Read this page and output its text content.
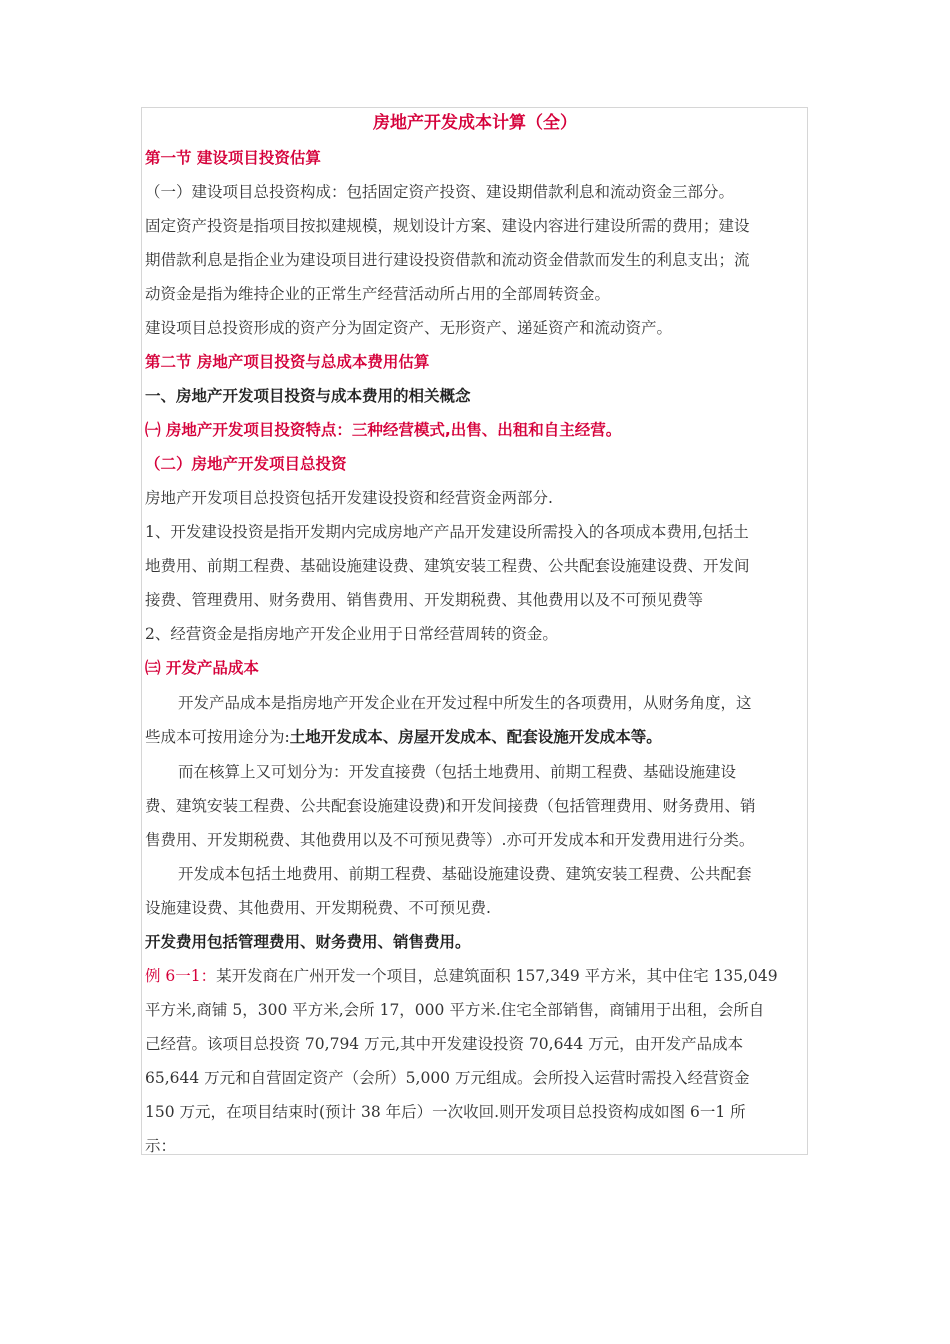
房地产开发成本计算（全）
第一节 建设项目投资估算
（一）建设项目总投资构成：包括固定资产投资、建设期借款利息和流动资金三部分。
固定资产投资是指项目按拟建规模，规划设计方案、建设内容进行建设所需的费用；建设
期借款利息是指企业为建设项目进行建设投资借款和流动资金借款而发生的利息支出；流
动资金是指为维持企业的正常生产经营活动所占用的全部周转资金。
建设项目总投资形成的资产分为固定资产、无形资产、递延资产和流动资产。
第二节 房地产项目投资与总成本费用估算
一、房地产开发项目投资与成本费用的相关概念
㈠ 房地产开发项目投资特点：三种经营模式,出售、出租和自主经营。
（二）房地产开发项目总投资
房地产开发项目总投资包括开发建设投资和经营资金两部分.
1、开发建设投资是指开发期内完成房地产产品开发建设所需投入的各项成本费用,包括土
地费用、前期工程费、基础设施建设费、建筑安装工程费、公共配套设施建设费、开发间
接费、管理费用、财务费用、销售费用、开发期税费、其他费用以及不可预见费等
2、经营资金是指房地产开发企业用于日常经营周转的资金。
㈢ 开发产品成本
开发产品成本是指房地产开发企业在开发过程中所发生的各项费用，从财务角度，这
些成本可按用途分为:土地开发成本、房屋开发成本、配套设施开发成本等。
而在核算上又可划分为：开发直接费（包括土地费用、前期工程费、基础设施建设
费、建筑安装工程费、公共配套设施建设费)和开发间接费（包括管理费用、财务费用、销
售费用、开发期税费、其他费用以及不可预见费等）.亦可开发成本和开发费用进行分类。
开发成本包括土地费用、前期工程费、基础设施建设费、建筑安装工程费、公共配套
设施建设费、其他费用、开发期税费、不可预见费.
开发费用包括管理费用、财务费用、销售费用。
例 6一1：某开发商在广州开发一个项目，总建筑面积 157,349 平方米，其中住宅 135,049
平方米,商铺 5，300 平方米,会所 17，000 平方米.住宅全部销售，商铺用于出租，会所自
己经营。该项目总投资 70,794 万元,其中开发建设投资 70,644 万元，由开发产品成本
65,644 万元和自营固定资产（会所）5,000 万元组成。会所投入运营时需投入经营资金
150 万元，在项目结束时(预计 38 年后）一次收回.则开发项目总投资构成如图 6一1 所
示：
